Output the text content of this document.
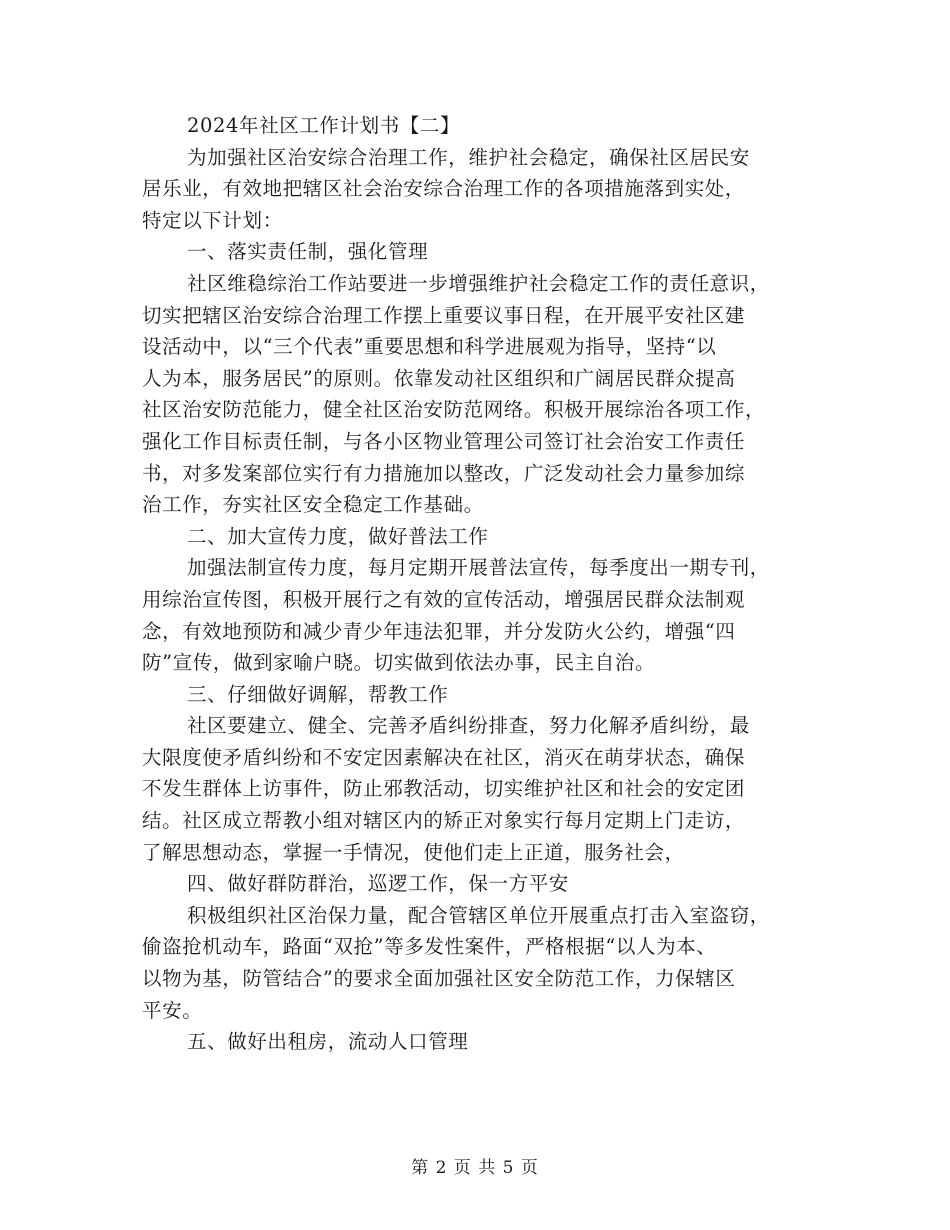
2024年社区工作计划书【二】
为加强社区治安综合治理工作，维护社会稳定，确保社区居民安
居乐业，有效地把辖区社会治安综合治理工作的各项措施落到实处，
特定以下计划：
一、落实责任制，强化管理
社区维稳综治工作站要进一步增强维护社会稳定工作的责任意识，
切实把辖区治安综合治理工作摆上重要议事日程，在开展平安社区建
设活动中，以“三个代表”重要思想和科学进展观为指导，坚持“以
人为本，服务居民”的原则。依靠发动社区组织和广阔居民群众提高
社区治安防范能力，健全社区治安防范网络。积极开展综治各项工作，
强化工作目标责任制，与各小区物业管理公司签订社会治安工作责任
书，对多发案部位实行有力措施加以整改，广泛发动社会力量参加综
治工作，夯实社区安全稳定工作基础。
二、加大宣传力度，做好普法工作
加强法制宣传力度，每月定期开展普法宣传，每季度出一期专刊，
用综治宣传图，积极开展行之有效的宣传活动，增强居民群众法制观
念，有效地预防和减少青少年违法犯罪，并分发防火公约，增强“四
防”宣传，做到家喻户晓。切实做到依法办事，民主自治。
三、仔细做好调解，帮教工作
社区要建立、健全、完善矛盾纠纷排查，努力化解矛盾纠纷，最
大限度使矛盾纠纷和不安定因素解决在社区，消灭在萌芽状态，确保
不发生群体上访事件，防止邪教活动，切实维护社区和社会的安定团
结。社区成立帮教小组对辖区内的矫正对象实行每月定期上门走访，
了解思想动态，掌握一手情况，使他们走上正道，服务社会，
四、做好群防群治，巡逻工作，保一方平安
积极组织社区治保力量，配合管辖区单位开展重点打击入室盗窃，
偷盗抢机动车，路面“双抢”等多发性案件，严格根据“以人为本、
以物为基，防管结合”的要求全面加强社区安全防范工作，力保辖区
平安。
五、做好出租房，流动人口管理
第 2 页 共 5 页
